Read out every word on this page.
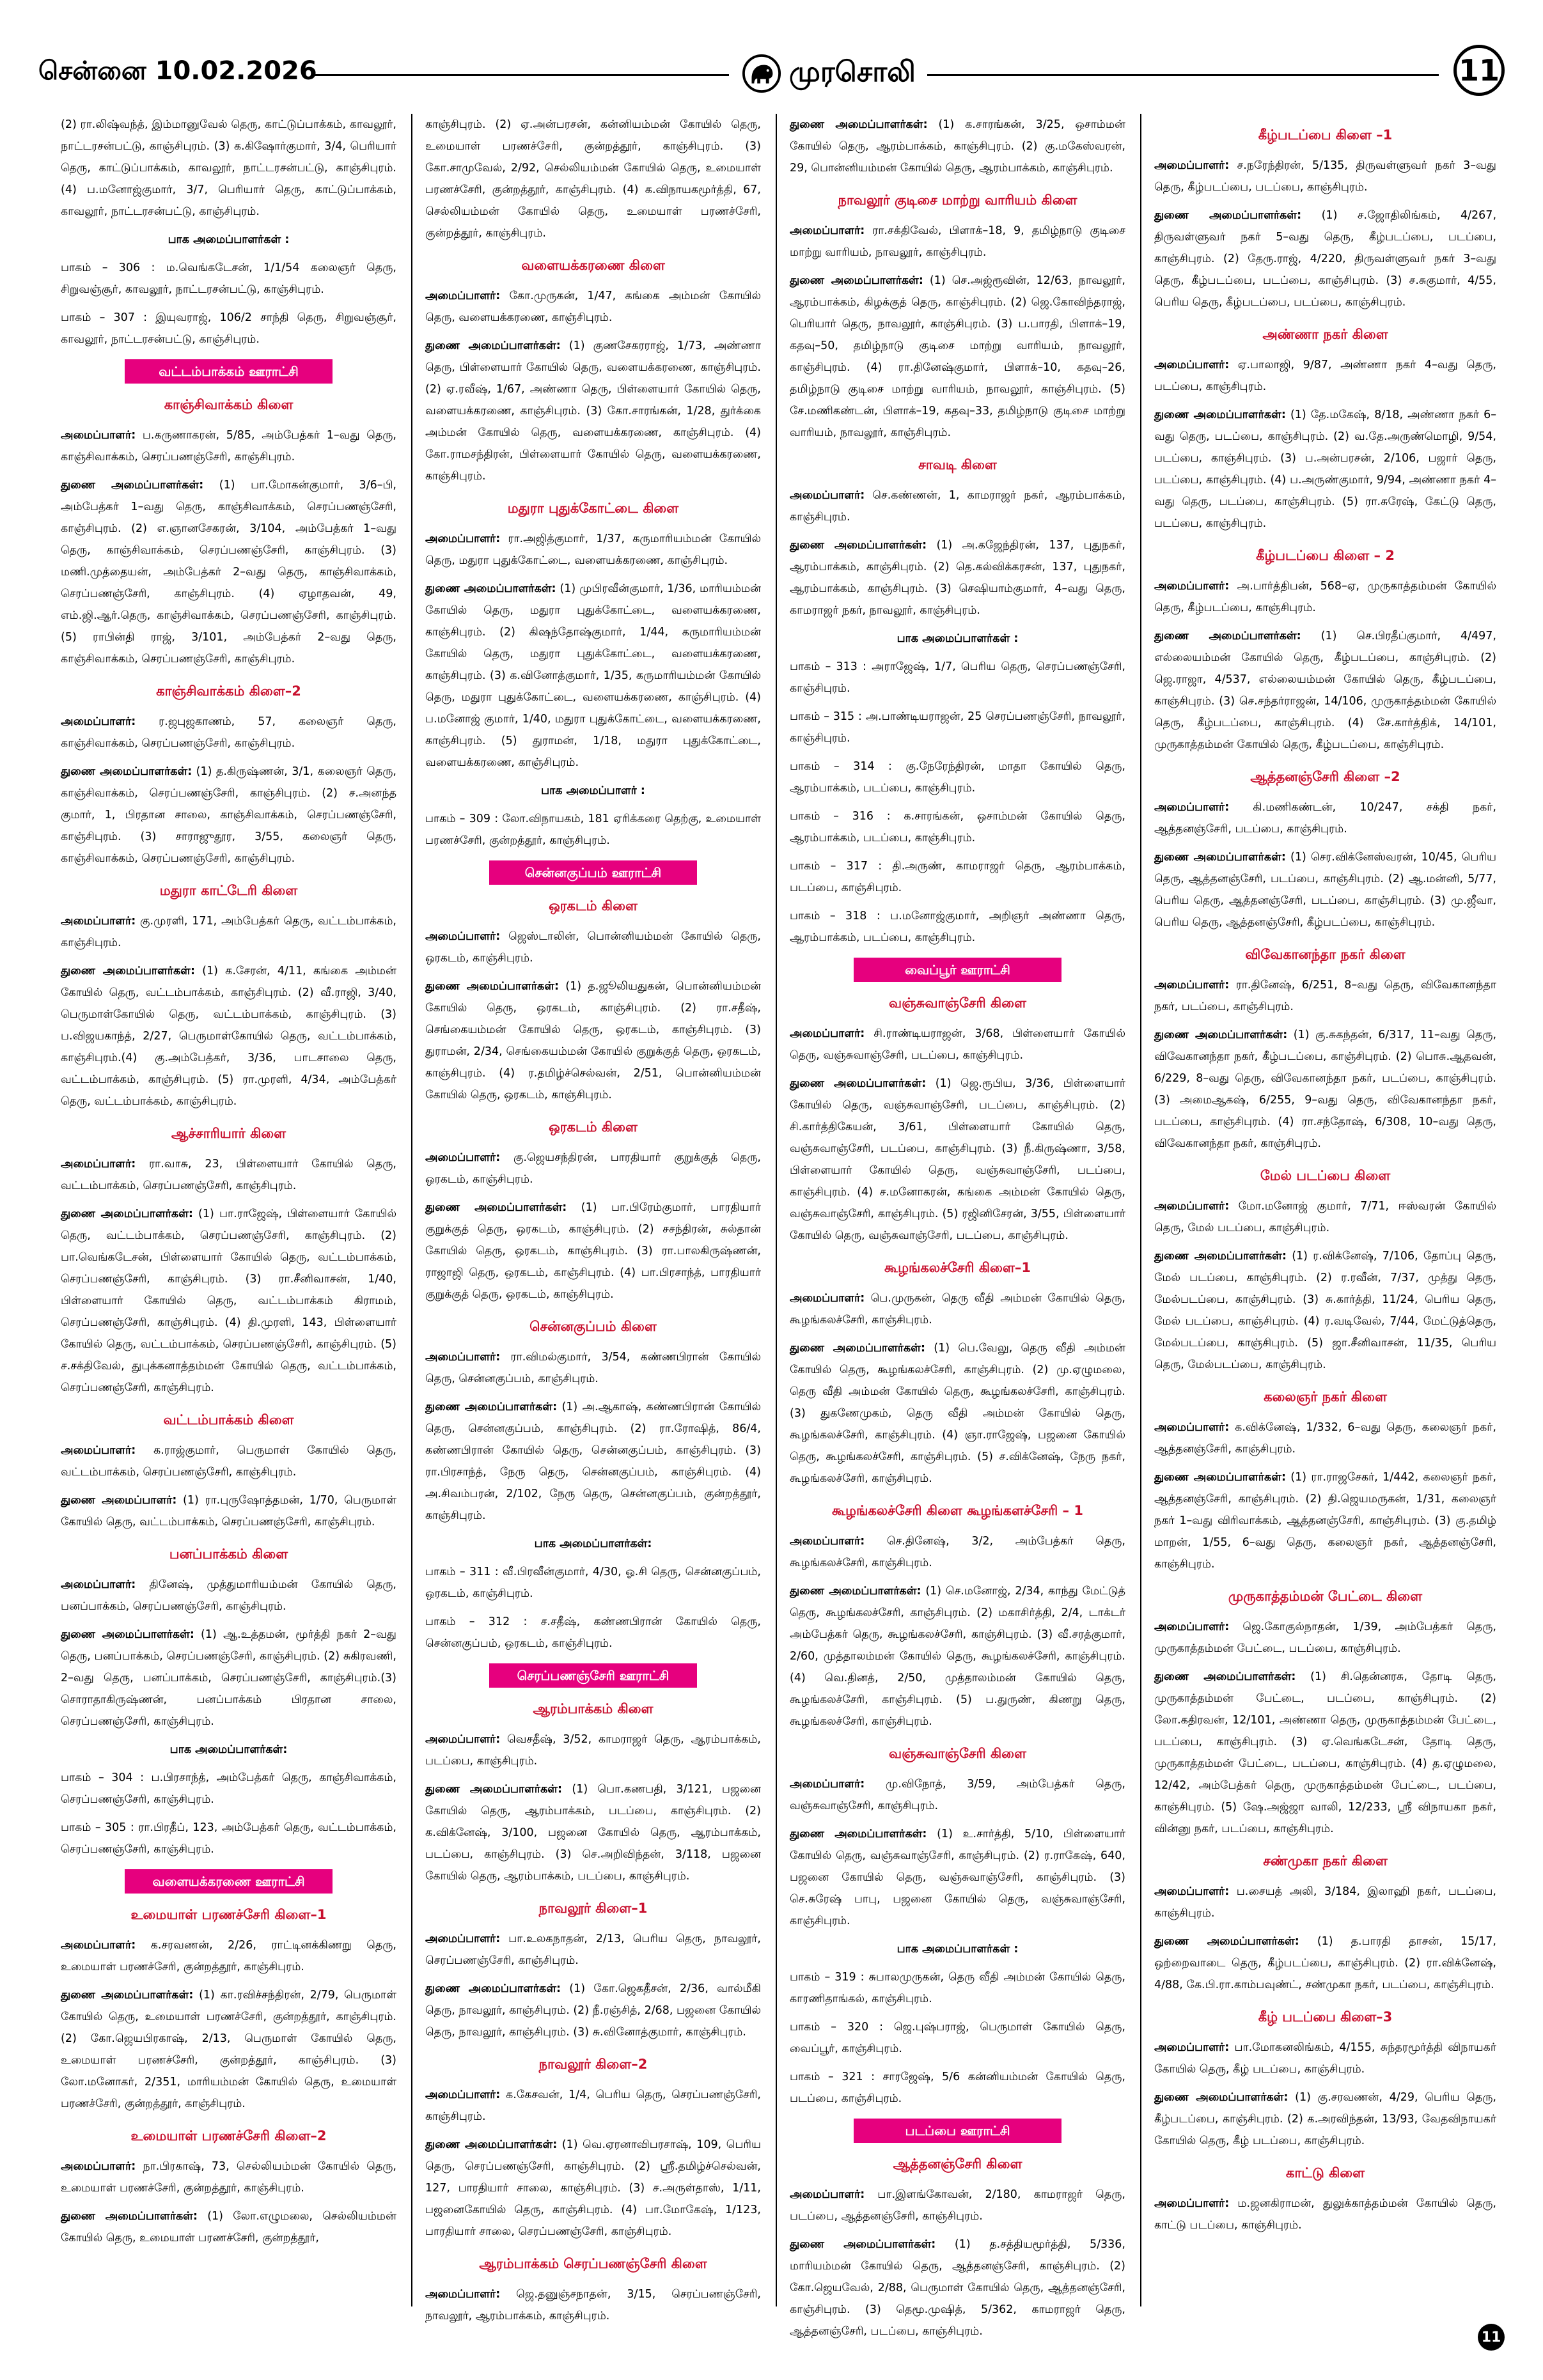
சென்னை 10.02.2026	முரசொலி	11

(2) ரா.லிஷ்வந்த், இம்மானுவேல் தெரு, காட்டுப்பாக்கம், காவலூர், நாட்டரசன்பட்டு, காஞ்சிபுரம். (3) க.கிஷோர்குமார், 3/4, பெரியார் தெரு, காட்டுப்பாக்கம், காவலூர், நாட்டரசன்பட்டு, காஞ்சிபுரம். (4) ப.மனோஜ்குமார், 3/7, பெரியார் தெரு, காட்டுப்பாக்கம், காவலூர், நாட்டரசன்பட்டு, காஞ்சிபுரம்.

பாக அமைப்பாளர்கள் :

பாகம் – 306 : ம.வெங்கடேசன், 1/1/54 கலைஞர் தெரு, சிறுவஞ்சூர், காவலூர், நாட்டரசன்பட்டு, காஞ்சிபுரம்.

பாகம் – 307 : இயுவராஜ், 106/2 சாந்தி தெரு, சிறுவஞ்சூர், காவலூர், நாட்டரசன்பட்டு, காஞ்சிபுரம்.

வட்டம்பாக்கம் ஊராட்சி
காஞ்சிவாக்கம் கிளை

அமைப்பாளர்: ப.கருணாகரன், 5/85, அம்பேத்கர் 1–வது தெரு, காஞ்சிவாக்கம், செரப்பணஞ்சேரி, காஞ்சிபுரம்.

துணை அமைப்பாளர்கள்: (1) பா.மோகன்குமார், 3/6–பி, அம்பேத்கர் 1–வது தெரு, காஞ்சிவாக்கம், செரப்பணஞ்சேரி, காஞ்சிபுரம். (2) எ.ஞானசேகரன், 3/104, அம்பேத்கர் 1–வது தெரு, காஞ்சிவாக்கம், செரப்பணஞ்சேரி, காஞ்சிபுரம். (3) மணி.முத்தையன், அம்பேத்கர் 2–வது தெரு, காஞ்சிவாக்கம், செரப்பணஞ்சேரி, காஞ்சிபுரம். (4) ஏழாதவன், 49, எம்.ஜி.ஆர்.தெரு, காஞ்சிவாக்கம், செரப்பணஞ்சேரி, காஞ்சிபுரம்.(5) ராபின்தி ராஜ், 3/101, அம்பேத்கர் 2–வது தெரு, காஞ்சிவாக்கம், செரப்பணஞ்சேரி, காஞ்சிபுரம்.

காஞ்சிவாக்கம் கிளை–2

அமைப்பாளர்: ர.ஜபுஜகாணம், 57, கலைஞர் தெரு, காஞ்சிவாக்கம், செரப்பணஞ்சேரி, காஞ்சிபுரம்.

துணை அமைப்பாளர்கள்: (1) த.கிருஷ்ணன், 3/1, கலைஞர் தெரு, காஞ்சிவாக்கம், செரப்பணஞ்சேரி, காஞ்சிபுரம். (2) ச.அனந்த குமார், 1, பிரதான சாலை, காஞ்சிவாக்கம், செரப்பணஞ்சேரி, காஞ்சிபுரம். (3) சாராஜுதூர, 3/55, கலைஞர் தெரு, காஞ்சிவாக்கம், செரப்பணஞ்சேரி, காஞ்சிபுரம்.

மதுரா காட்டேரி கிளை

அமைப்பாளர்: கு.முரளி, 171, அம்பேத்கர் தெரு, வட்டம்பாக்கம், காஞ்சிபுரம்.

துணை அமைப்பாளர்கள்: (1) க.சேரன், 4/11, கங்கை அம்மன் கோயில் தெரு, வட்டம்பாக்கம், காஞ்சிபுரம். (2) வீ.ராஜி, 3/40, பெருமாள்கோயில் தெரு, வட்டம்பாக்கம், காஞ்சிபுரம். (3) ப.விஜயகாந்த், 2/27, பெருமாள்கோயில் தெரு, வட்டம்பாக்கம், காஞ்சிபுரம்.(4) கு.அம்பேத்கர், 3/36, பாடசாலை தெரு, வட்டம்பாக்கம், காஞ்சிபுரம். (5) ரா.முரளி, 4/34, அம்பேத்கர் தெரு, வட்டம்பாக்கம், காஞ்சிபுரம்.

ஆச்சாரியார் கிளை

அமைப்பாளர்: ரா.வாசு, 23, பிள்ளையார் கோயில் தெரு, வட்டம்பாக்கம், செரப்பணஞ்சேரி, காஞ்சிபுரம்.

துணை அமைப்பாளர்கள்: (1) பா.ராஜேஷ், பிள்ளையார் கோயில் தெரு, வட்டம்பாக்கம், செரப்பணஞ்சேரி, காஞ்சிபுரம். (2) பா.வெங்கடேசன், பிள்ளையார் கோயில் தெரு, வட்டம்பாக்கம், செரப்பணஞ்சேரி, காஞ்சிபுரம். (3) ரா.சீனிவாசன், 1/40, பிள்ளையார் கோயில் தெரு, வட்டம்பாக்கம் கிராமம், செரப்பணஞ்சேரி, காஞ்சிபுரம். (4) தி.முரளி, 143, பிள்ளையார் கோயில் தெரு, வட்டம்பாக்கம், செரப்பணஞ்சேரி, காஞ்சிபுரம். (5) ச.சக்திவேல், துபுக்கனாத்தம்மன் கோயில் தெரு, வட்டம்பாக்கம், செரப்பணஞ்சேரி, காஞ்சிபுரம்.

வட்டம்பாக்கம் கிளை

அமைப்பாளர்: க.ராஜ்குமார், பெருமாள் கோயில் தெரு, வட்டம்பாக்கம், செரப்பணஞ்சேரி, காஞ்சிபுரம்.

துணை அமைப்பாளர்: (1) ரா.புருஷோத்தமன், 1/70, பெருமாள் கோயில் தெரு, வட்டம்பாக்கம், செரப்பணஞ்சேரி, காஞ்சிபுரம்.

பனப்பாக்கம் கிளை

அமைப்பாளர்: தினேஷ், முத்துமாரியம்மன் கோயில் தெரு, பனப்பாக்கம், செரப்பணஞ்சேரி, காஞ்சிபுரம்.

துணை அமைப்பாளர்கள்: (1) ஆ.உத்தமன், மூர்த்தி நகர் 2–வது தெரு, பனப்பாக்கம், செரப்பணஞ்சேரி, காஞ்சிபுரம். (2) சுகிரவணி, 2–வது தெரு, பனப்பாக்கம், செரப்பணஞ்சேரி, காஞ்சிபுரம்.(3) சொராதாகிருஷ்ணன், பனப்பாக்கம் பிரதான சாலை, செரப்பணஞ்சேரி, காஞ்சிபுரம்.

பாக அமைப்பாளர்கள்:

பாகம் – 304 : ப.பிரசாந்த், அம்பேத்கர் தெரு, காஞ்சிவாக்கம், செரப்பணஞ்சேரி, காஞ்சிபுரம்.

பாகம் – 305 : ரா.பிரதீப், 123, அம்பேத்கர் தெரு, வட்டம்பாக்கம், செரப்பணஞ்சேரி, காஞ்சிபுரம்.

வளையக்கரணை ஊராட்சி
உமையாள் பரணச்சேரி கிளை–1

அமைப்பாளர்: க.சரவணன், 2/26, ராட்டினக்கிணறு தெரு, உமையாள் பரணச்சேரி, குன்றத்தூர், காஞ்சிபுரம்.

துணை அமைப்பாளர்கள்: (1) கா.ரவிச்சந்திரன், 2/79, பெருமாள் கோயில் தெரு, உமையாள் பரணச்சேரி, குன்றத்தூர், காஞ்சிபுரம். (2) கோ.ஜெயபிரகாஷ், 2/13, பெருமாள் கோயில் தெரு, உமையாள் பரணச்சேரி, குன்றத்தூர், காஞ்சிபுரம். (3) லோ.மனோகர், 2/351, மாரியம்மன் கோயில் தெரு, உமையாள் பரணச்சேரி, குன்றத்தூர், காஞ்சிபுரம்.

உமையாள் பரணச்சேரி கிளை–2

அமைப்பாளர்: நா.பிரகாஷ், 73, செல்லியம்மன் கோயில் தெரு, உமையாள் பரணச்சேரி, குன்றத்தூர், காஞ்சிபுரம்.

துணை அமைப்பாளர்கள்: (1) லோ.எழுமலை, செல்லியம்மன் கோயில் தெரு, உமையாள் பரணச்சேரி, குன்றத்தூர்,

காஞ்சிபுரம். (2) ஏ.அன்பரசன், கன்னியம்மன் கோயில் தெரு, உமையாள் பரணச்சேரி, குன்றத்தூர், காஞ்சிபுரம். (3) கோ.சாமுவேல், 2/92, செல்லியம்மன் கோயில் தெரு, உமையாள் பரணச்சேரி, குன்றத்தூர், காஞ்சிபுரம். (4) க.விநாயகமூர்த்தி, 67, செல்லியம்மன் கோயில் தெரு, உமையாள் பரணச்சேரி, குன்றத்தூர், காஞ்சிபுரம்.

வளையக்கரணை கிளை

அமைப்பாளர்: கோ.முருகன், 1/47, கங்கை அம்மன் கோயில் தெரு, வளையக்கரணை, காஞ்சிபுரம்.

துணை அமைப்பாளர்கள்: (1) குணசேகரராஜ், 1/73, அண்ணா தெரு, பிள்ளையார் கோயில் தெரு, வளையக்கரணை, காஞ்சிபுரம். (2) ஏ.ரவீஷ், 1/67, அண்ணா தெரு, பிள்ளையார் கோயில் தெரு, வளையக்கரணை, காஞ்சிபுரம். (3) கோ.சாரங்கன், 1/28, துர்க்கை அம்மன் கோயில் தெரு, வளையக்கரணை, காஞ்சிபுரம். (4) கோ.ராமசந்திரன், பிள்ளையார் கோயில் தெரு, வளையக்கரணை, காஞ்சிபுரம்.

மதுரா புதுக்கோட்டை கிளை

அமைப்பாளர்: ரா.அஜித்குமார், 1/37, கருமாரியம்மன் கோயில் தெரு, மதுரா புதுக்கோட்டை, வளையக்கரணை, காஞ்சிபுரம்.

துணை அமைப்பாளர்கள்: (1) முபிரவீன்குமார், 1/36, மாரியம்மன் கோயில் தெரு, மதுரா புதுக்கோட்டை, வளையக்கரணை, காஞ்சிபுரம். (2) கிஷந்தோஷ்குமார், 1/44, கருமாரியம்மன் கோயில் தெரு, மதுரா புதுக்கோட்டை, வளையக்கரணை, காஞ்சிபுரம். (3) க.வினோத்குமார், 1/35, கருமாரியம்மன் கோயில் தெரு, மதுரா புதுக்கோட்டை, வளையக்கரணை, காஞ்சிபுரம். (4) ப.மனோஜ் குமார், 1/40, மதுரா புதுக்கோட்டை, வளையக்கரணை, காஞ்சிபுரம். (5) துராமன், 1/18, மதுரா புதுக்கோட்டை, வளையக்கரணை, காஞ்சிபுரம்.

பாக அமைப்பாளர் :

பாகம் – 309 : லோ.விநாயகம், 181 ஏரிக்கரை தெற்கு, உமையாள் பரணச்சேரி, குன்றத்தூர், காஞ்சிபுரம்.

சென்னகுப்பம் ஊராட்சி
ஒரகடம் கிளை

அமைப்பாளர்: ஜெஸ்டாலின், பொன்னியம்மன் கோயில் தெரு, ஒரகடம், காஞ்சிபுரம்.

துணை அமைப்பாளர்கள்: (1) த.ஜூலியதுகன், பொன்னியம்மன் கோயில் தெரு, ஒரகடம், காஞ்சிபுரம். (2) ரா.சதீஷ், செங்கையம்மன் கோயில் தெரு, ஒரகடம், காஞ்சிபுரம். (3) துராமன், 2/34, செங்கையம்மன் கோயில் குறுக்குத் தெரு, ஒரகடம், காஞ்சிபுரம். (4) ர.தமிழ்ச்செல்வன், 2/51, பொன்னியம்மன் கோயில் தெரு, ஒரகடம், காஞ்சிபுரம்.

ஒரகடம் கிளை

அமைப்பாளர்: கு.ஜெயசந்திரன், பாரதியார் குறுக்குத் தெரு, ஒரகடம், காஞ்சிபுரம்.

துணை அமைப்பாளர்கள்: (1) பா.பிரேம்குமார், பாரதியார் குறுக்குத் தெரு, ஒரகடம், காஞ்சிபுரம். (2) சசந்திரன், சுல்தான் கோயில் தெரு, ஒரகடம், காஞ்சிபுரம். (3) ரா.பாலகிருஷ்ணன், ராஜாஜி தெரு, ஒரகடம், காஞ்சிபுரம். (4) பா.பிரசாந்த், பாரதியார் குறுக்குத் தெரு, ஒரகடம், காஞ்சிபுரம்.

சென்னகுப்பம் கிளை

அமைப்பாளர்: ரா.விமல்குமார், 3/54, கண்ணபிரான் கோயில் தெரு, சென்னகுப்பம், காஞ்சிபுரம்.

துணை அமைப்பாளர்கள்: (1) அ.ஆகாஷ், கண்ணபிரான் கோயில் தெரு, சென்னகுப்பம், காஞ்சிபுரம். (2) ரா.ரோஷித், 86/4, கண்ணபிரான் கோயில் தெரு, சென்னகுப்பம், காஞ்சிபுரம். (3) ரா.பிரசாந்த், நேரு தெரு, சென்னகுப்பம், காஞ்சிபுரம். (4) அ.சிவம்பரன், 2/102, நேரு தெரு, சென்னகுப்பம், குன்றத்தூர், காஞ்சிபுரம்.

பாக அமைப்பாளர்கள்:

பாகம் – 311 : வீ.பிரவீன்குமார், 4/30, ஓ.சி தெரு, சென்னகுப்பம், ஒரகடம், காஞ்சிபுரம்.

பாகம் – 312 : ச.சதீஷ், கண்ணபிரான் கோயில் தெரு, சென்னகுப்பம், ஒரகடம், காஞ்சிபுரம்.

செரப்பணஞ்சேரி ஊராட்சி
ஆரம்பாக்கம் கிளை

அமைப்பாளர்: வெசதீஷ், 3/52, காமராஜர் தெரு, ஆரம்பாக்கம், படப்பை, காஞ்சிபுரம்.

துணை அமைப்பாளர்கள்: (1) பொ.கணபதி, 3/121, பஜனை கோயில் தெரு, ஆரம்பாக்கம், படப்பை, காஞ்சிபுரம். (2) க.விக்னேஷ், 3/100, பஜனை கோயில் தெரு, ஆரம்பாக்கம், படப்பை, காஞ்சிபுரம். (3) செ.அறிவிந்தன், 3/118, பஜனை கோயில் தெரு, ஆரம்பாக்கம், படப்பை, காஞ்சிபுரம்.

நாவலூர் கிளை–1

அமைப்பாளர்: பா.உலகநாதன், 2/13, பெரிய தெரு, நாவலூர், செரப்பணஞ்சேரி, காஞ்சிபுரம்.

துணை அமைப்பாளர்கள்: (1) கோ.ஜெகதீசன், 2/36, வால்மீகி தெரு, நாவலூர், காஞ்சிபுரம். (2) நீ.ரஞ்சித், 2/68, பஜனை கோயில் தெரு, நாவலூர், காஞ்சிபுரம். (3) சு.வினோத்குமார், காஞ்சிபுரம்.

நாவலூர் கிளை–2

அமைப்பாளர்: க.கேசவன், 1/4, பெரிய தெரு, செரப்பணஞ்சேரி, காஞ்சிபுரம்.

துணை அமைப்பாளர்கள்: (1) வெ.ஏரனாவிபரசாஷ், 109, பெரிய தெரு, செரப்பணஞ்சேரி, காஞ்சிபுரம். (2) ஸ்ரீ.தமிழ்ச்செல்வன், 127, பாரதியார் சாலை, காஞ்சிபுரம். (3) ச.அருள்தாஸ், 1/11, பஜனைகோயில் தெரு, காஞ்சிபுரம். (4) பா.மோகேஷ், 1/123, பாரதியார் சாலை, செரப்பணஞ்சேரி, காஞ்சிபுரம்.

ஆரம்பாக்கம் செரப்பணஞ்சேரி கிளை

அமைப்பாளர்: ஜெ.தனுஞ்சநாதன், 3/15, செரப்பணஞ்சேரி, நாவலூர், ஆரம்பாக்கம், காஞ்சிபுரம்.

துணை அமைப்பாளர்கள்: (1) க.சாரங்கன், 3/25, ஒசாம்மன் கோயில் தெரு, ஆரம்பாக்கம், காஞ்சிபுரம். (2) கு.மகேஸ்வரன், 29, பொன்னியம்மன் கோயில் தெரு, ஆரம்பாக்கம், காஞ்சிபுரம்.

நாவலூர் குடிசை மாற்று வாரியம் கிளை

அமைப்பாளர்: ரா.சக்திவேல், பிளாக்–18, 9, தமிழ்நாடு குடிசை மாற்று வாரியம், நாவலூர், காஞ்சிபுரம்.

துணை அமைப்பாளர்கள்: (1) செ.அஜ்ரூவின், 12/63, நாவலூர், ஆரம்பாக்கம், கிழக்குத் தெரு, காஞ்சிபுரம். (2) ஜெ.கோவிந்தராஜ், பெரியார் தெரு, நாவலூர், காஞ்சிபுரம். (3) ப.பாரதி, பிளாக்–19, கதவு–50, தமிழ்நாடு குடிசை மாற்று வாரியம், நாவலூர், காஞ்சிபுரம். (4) ரா.தினேஷ்குமார், பிளாக்–10, கதவு–26, தமிழ்நாடு குடிசை மாற்று வாரியம், நாவலூர், காஞ்சிபுரம். (5) சே.மணிகண்டன், பிளாக்–19, கதவு–33, தமிழ்நாடு குடிசை மாற்று வாரியம், நாவலூர், காஞ்சிபுரம்.

சாவடி கிளை

அமைப்பாளர்: செ.கண்ணன், 1, காமராஜர் நகர், ஆரம்பாக்கம், காஞ்சிபுரம்.

துணை அமைப்பாளர்கள்: (1) அ.கஜேந்திரன், 137, புதுநகர், ஆரம்பாக்கம், காஞ்சிபுரம். (2) தெ.கல்விக்கரசன், 137, புதுநகர், ஆரம்பாக்கம், காஞ்சிபுரம். (3) செஷியாம்குமார், 4–வது தெரு, காமராஜர் நகர், நாவலூர், காஞ்சிபுரம்.

பாக அமைப்பாளர்கள் :

பாகம் – 313 : அராஜேஷ், 1/7, பெரிய தெரு, செரப்பணஞ்சேரி, காஞ்சிபுரம்.

பாகம் – 315 : அ.பாண்டியராஜன், 25 செரப்பணஞ்சேரி, நாவலூர், காஞ்சிபுரம்.

பாகம் – 314 : கு.நேரேந்திரன், மாதா கோயில் தெரு, ஆரம்பாக்கம், படப்பை, காஞ்சிபுரம்.

பாகம் – 316 : க.சாரங்கன், ஒசாம்மன் கோயில் தெரு, ஆரம்பாக்கம், படப்பை, காஞ்சிபுரம்.

பாகம் – 317 : தி.அருண், காமராஜர் தெரு, ஆரம்பாக்கம், படப்பை, காஞ்சிபுரம்.

பாகம் – 318 : ப.மனோஜ்குமார், அறிஞர் அண்ணா தெரு, ஆரம்பாக்கம், படப்பை, காஞ்சிபுரம்.

வைப்பூர் ஊராட்சி
வஞ்சுவாஞ்சேரி கிளை

அமைப்பாளர்: சி.ராண்டியராஜன், 3/68, பிள்ளையார் கோயில் தெரு, வஞ்சுவாஞ்சேரி, படப்பை, காஞ்சிபுரம்.

துணை அமைப்பாளர்கள்: (1) ஜெ.ரூபிய, 3/36, பிள்ளையார் கோயில் தெரு, வஞ்சுவாஞ்சேரி, படப்பை, காஞ்சிபுரம். (2) சி.கார்த்திகேயன், 3/61, பிள்ளையார் கோயில் தெரு, வஞ்சுவாஞ்சேரி, படப்பை, காஞ்சிபுரம். (3) நீ.கிருஷ்ணா, 3/58, பிள்ளையார் கோயில் தெரு, வஞ்சுவாஞ்சேரி, படப்பை, காஞ்சிபுரம். (4) ச.மனோகரன், கங்கை அம்மன் கோயில் தெரு, வஞ்சுவாஞ்சேரி, காஞ்சிபுரம். (5) ரஜினிசேரன், 3/55, பிள்ளையார் கோயில் தெரு, வஞ்சுவாஞ்சேரி, படப்பை, காஞ்சிபுரம்.

கூழங்கலச்சேரி கிளை–1

அமைப்பாளர்: பெ.முருகன், தெரு வீதி அம்மன் கோயில் தெரு, கூழங்கலச்சேரி, காஞ்சிபுரம்.

துணை அமைப்பாளர்கள்: (1) பெ.வேலு, தெரு வீதி அம்மன் கோயில் தெரு, கூழங்கலச்சேரி, காஞ்சிபுரம். (2) மு.ஏழுமலை, தெரு வீதி அம்மன் கோயில் தெரு, கூழங்கலச்சேரி, காஞ்சிபுரம். (3) துகணேமுகம், தெரு வீதி அம்மன் கோயில் தெரு, கூழங்கலச்சேரி, காஞ்சிபுரம். (4) ஞா.ராஜேஷ், பஜனை கோயில் தெரு, கூழங்கலச்சேரி, காஞ்சிபுரம். (5) ச.விக்னேஷ், நேரு நகர், கூழங்கலச்சேரி, காஞ்சிபுரம்.

கூழங்கலச்சேரி கிளை கூழங்களச்சேரி – 1

அமைப்பாளர்: செ.தினேஷ், 3/2, அம்பேத்கர் தெரு, கூழங்கலச்சேரி, காஞ்சிபுரம்.

துணை அமைப்பாளர்கள்: (1) செ.மனோஜ், 2/34, காந்து மேட்டுத் தெரு, கூழங்கலச்சேரி, காஞ்சிபுரம். (2) மகாசிர்த்தி, 2/4, டாக்டர் அம்பேத்கர் தெரு, கூழங்கலச்சேரி, காஞ்சிபுரம். (3) வீ.சரத்குமார், 2/60, முத்தாலம்மன் கோயில் தெரு, கூழங்கலச்சேரி, காஞ்சிபுரம். (4) வெ.தினத், 2/50, முத்தாலம்மன் கோயில் தெரு, கூழங்கலச்சேரி, காஞ்சிபுரம். (5) ப.துருண், கிணறு தெரு, கூழங்கலச்சேரி, காஞ்சிபுரம்.

வஞ்சுவாஞ்சேரி கிளை

அமைப்பாளர்: மு.விநோத், 3/59, அம்பேத்கர் தெரு, வஞ்சுவாஞ்சேரி, காஞ்சிபுரம்.

துணை அமைப்பாளர்கள்: (1) உ.சார்த்தி, 5/10, பிள்ளையார் கோயில் தெரு, வஞ்சுவாஞ்சேரி, காஞ்சிபுரம். (2) ர.ராகேஷ், 640, பஜனை கோயில் தெரு, வஞ்சுவாஞ்சேரி, காஞ்சிபுரம். (3) செ.சுரேஷ் பாபு, பஜனை கோயில் தெரு, வஞ்சுவாஞ்சேரி, காஞ்சிபுரம்.

பாக அமைப்பாளர்கள் :

பாகம் – 319 : சுபாலமுருகன், தெரு வீதி அம்மன் கோயில் தெரு, காரணிதாங்கல், காஞ்சிபுரம்.

பாகம் – 320 : ஜெ.புஷ்பராஜ், பெருமாள் கோயில் தெரு, வைப்பூர், காஞ்சிபுரம்.

பாகம் – 321 : சாரஜேஷ், 5/6 கன்னியம்மன் கோயில் தெரு, படப்பை, காஞ்சிபுரம்.

படப்பை ஊராட்சி
ஆத்தனஞ்சேரி கிளை

அமைப்பாளர்: பா.இளங்கோவன், 2/180, காமராஜர் தெரு, படப்பை, ஆத்தனஞ்சேரி, காஞ்சிபுரம்.

துணை அமைப்பாளர்கள்: (1) த.சத்தியமூர்த்தி, 5/336, மாரியம்மன் கோயில் தெரு, ஆத்தனஞ்சேரி, காஞ்சிபுரம். (2) கோ.ஜெயவேல், 2/88, பெருமாள் கோயில் தெரு, ஆத்தனஞ்சேரி, காஞ்சிபுரம். (3) தெமூ.முஷித், 5/362, காமராஜர் தெரு, ஆத்தனஞ்சேரி, படப்பை, காஞ்சிபுரம்.

கீழ்படப்பை கிளை –1

அமைப்பாளர்: ச.நரேந்திரன், 5/135, திருவள்ளுவர் நகர் 3–வது தெரு, கீழ்படப்பை, படப்பை, காஞ்சிபுரம்.

துணை அமைப்பாளர்கள்: (1) ச.ஜோதிலிங்கம், 4/267, திருவள்ளுவர் நகர் 5–வது தெரு, கீழ்படப்பை, படப்பை, காஞ்சிபுரம். (2) தேரு.ராஜ், 4/220, திருவள்ளுவர் நகர் 3–வது தெரு, கீழ்படப்பை, படப்பை, காஞ்சிபுரம். (3) ச.சுகுமார், 4/55, பெரிய தெரு, கீழ்படப்பை, படப்பை, காஞ்சிபுரம்.

அண்ணா நகர் கிளை

அமைப்பாளர்: ஏ.பாலாஜி, 9/87, அண்ணா நகர் 4–வது தெரு, படப்பை, காஞ்சிபுரம்.

துணை அமைப்பாளர்கள்: (1) தே.மகேஷ், 8/18, அண்ணா நகர் 6–வது தெரு, படப்பை, காஞ்சிபுரம். (2) வ.தே.அருண்மொழி, 9/54, படப்பை, காஞ்சிபுரம். (3) ப.அன்பரசன், 2/106, பஜார் தெரு, படப்பை, காஞ்சிபுரம். (4) ப.அருண்குமார், 9/94, அண்ணா நகர் 4–வது தெரு, படப்பை, காஞ்சிபுரம். (5) ரா.சுரேஷ், கேட்டு தெரு, படப்பை, காஞ்சிபுரம்.

கீழ்படப்பை கிளை – 2

அமைப்பாளர்: அ.பார்த்திபன், 568–ஏ, முருகாத்தம்மன் கோயில் தெரு, கீழ்படப்பை, காஞ்சிபுரம்.

துணை அமைப்பாளர்கள்: (1) செ.பிரதீப்குமார், 4/497, எல்லையம்மன் கோயில் தெரு, கீழ்படப்பை, காஞ்சிபுரம். (2) ஜெ.ராஜா, 4/537, எல்லையம்மன் கோயில் தெரு, கீழ்படப்பை, காஞ்சிபுரம். (3) செ.சந்தர்ராஜன், 14/106, முருகாத்தம்மன் கோயில் தெரு, கீழ்படப்பை, காஞ்சிபுரம். (4) சே.கார்த்திக், 14/101, முருகாத்தம்மன் கோயில் தெரு, கீழ்படப்பை, காஞ்சிபுரம்.

ஆத்தனஞ்சேரி கிளை –2

அமைப்பாளர்: கி.மணிகண்டன், 10/247, சக்தி நகர், ஆத்தனஞ்சேரி, படப்பை, காஞ்சிபுரம்.

துணை அமைப்பாளர்கள்: (1) செர.விக்னேஸ்வரன், 10/45, பெரிய தெரு, ஆத்தனஞ்சேரி, படப்பை, காஞ்சிபுரம். (2) ஆ.மன்னி, 5/77, பெரிய தெரு, ஆத்தனஞ்சேரி, படப்பை, காஞ்சிபுரம். (3) மு.ஜீவா, பெரிய தெரு, ஆத்தனஞ்சேரி, கீழ்படப்பை, காஞ்சிபுரம்.

விவேகானந்தா நகர் கிளை

அமைப்பாளர்: ரா.தினேஷ், 6/251, 8–வது தெரு, விவேகானந்தா நகர், படப்பை, காஞ்சிபுரம்.

துணை அமைப்பாளர்கள்: (1) கு.சுகந்தன், 6/317, 11–வது தெரு, விவேகானந்தா நகர், கீழ்படப்பை, காஞ்சிபுரம். (2) பொசு.ஆதவன், 6/229, 8–வது தெரு, விவேகானந்தா நகர், படப்பை, காஞ்சிபுரம். (3) அமைஆகஷ், 6/255, 9–வது தெரு, விவேகானந்தா நகர், படப்பை, காஞ்சிபுரம். (4) ரா.சந்தோஷ், 6/308, 10–வது தெரு, விவேகானந்தா நகர், காஞ்சிபுரம்.

மேல் படப்பை கிளை

அமைப்பாளர்: மோ.மனோஜ் குமார், 7/71, ஈஸ்வரன் கோயில் தெரு, மேல் படப்பை, காஞ்சிபுரம்.

துணை அமைப்பாளர்கள்: (1) ர.விக்னேஷ், 7/106, தோப்பு தெரு, மேல் படப்பை, காஞ்சிபுரம். (2) ர.ரவீன், 7/37, முத்து தெரு, மேல்படப்பை, காஞ்சிபுரம். (3) சு.கார்த்தி, 11/24, பெரிய தெரு, மேல் படப்பை, காஞ்சிபுரம். (4) ர.வடிவேல், 7/44, மேட்டுத்தெரு, மேல்படப்பை, காஞ்சிபுரம். (5) ஜா.சீனிவாசன், 11/35, பெரிய தெரு, மேல்படப்பை, காஞ்சிபுரம்.

கலைஞர் நகர் கிளை

அமைப்பாளர்: க.விக்னேஷ், 1/332, 6–வது தெரு, கலைஞர் நகர், ஆத்தனஞ்சேரி, காஞ்சிபுரம்.

துணை அமைப்பாளர்கள்: (1) ரா.ராஜசேகர், 1/442, கலைஞர் நகர், ஆத்தனஞ்சேரி, காஞ்சிபுரம். (2) தி.ஜெயமருகன், 1/31, கலைஞர் நகர் 1–வது விரிவாக்கம், ஆத்தனஞ்சேரி, காஞ்சிபுரம். (3) கு.தமிழ் மாறன், 1/55, 6–வது தெரு, கலைஞர் நகர், ஆத்தனஞ்சேரி, காஞ்சிபுரம்.

முருகாத்தம்மன் பேட்டை கிளை

அமைப்பாளர்: ஜெ.கோகுல்நாதன், 1/39, அம்பேத்கர் தெரு, முருகாத்தம்மன் பேட்டை, படப்பை, காஞ்சிபுரம்.

துணை அமைப்பாளர்கள்: (1) சி.தென்னரசு, தோடி தெரு, முருகாத்தம்மன் பேட்டை, படப்பை, காஞ்சிபுரம். (2) லோ.கதிரவன், 12/101, அண்ணா தெரு, முருகாத்தம்மன் பேட்டை, படப்பை, காஞ்சிபுரம். (3) ஏ.வெங்கடேசன், தோடி தெரு, முருகாத்தம்மன் பேட்டை, படப்பை, காஞ்சிபுரம். (4) த.ஏழுமலை, 12/42, அம்பேத்கர் தெரு, முருகாத்தம்மன் பேட்டை, படப்பை, காஞ்சிபுரம். (5) ஷே.அஜ்ஜா வாலி, 12/233, ஸ்ரீ விநாயகா நகர், வின்னு நகர், படப்பை, காஞ்சிபுரம்.

சண்முகா நகர் கிளை

அமைப்பாளர்: ப.சையத் அலி, 3/184, இலாஹி நகர், படப்பை, காஞ்சிபுரம்.

துணை அமைப்பாளர்கள்: (1) த.பாரதி தாசன், 15/17, ஒற்றைவாடை தெரு, கீழ்படப்பை, காஞ்சிபுரம். (2) ரா.விக்னேஷ், 4/88, கே.பி.ரா.காம்பவுண்ட், சண்முகா நகர், படப்பை, காஞ்சிபுரம்.

கீழ் படப்பை கிளை–3

அமைப்பாளர்: பா.மோகனலிங்கம், 4/155, சுந்தரமூர்த்தி விநாயகர் கோயில் தெரு, கீழ் படப்பை, காஞ்சிபுரம்.

துணை அமைப்பாளர்கள்: (1) கு.சரவணன், 4/29, பெரிய தெரு, கீழ்படப்பை, காஞ்சிபுரம். (2) க.அரவிந்தன், 13/93, வேதவிநாயகர் கோயில் தெரு, கீழ் படப்பை, காஞ்சிபுரம்.

காட்டு கிளை

அமைப்பாளர்: ம.ஜனகிராமன், துலுக்காத்தம்மன் கோயில் தெரு, காட்டு படப்பை, காஞ்சிபுரம்.

11
